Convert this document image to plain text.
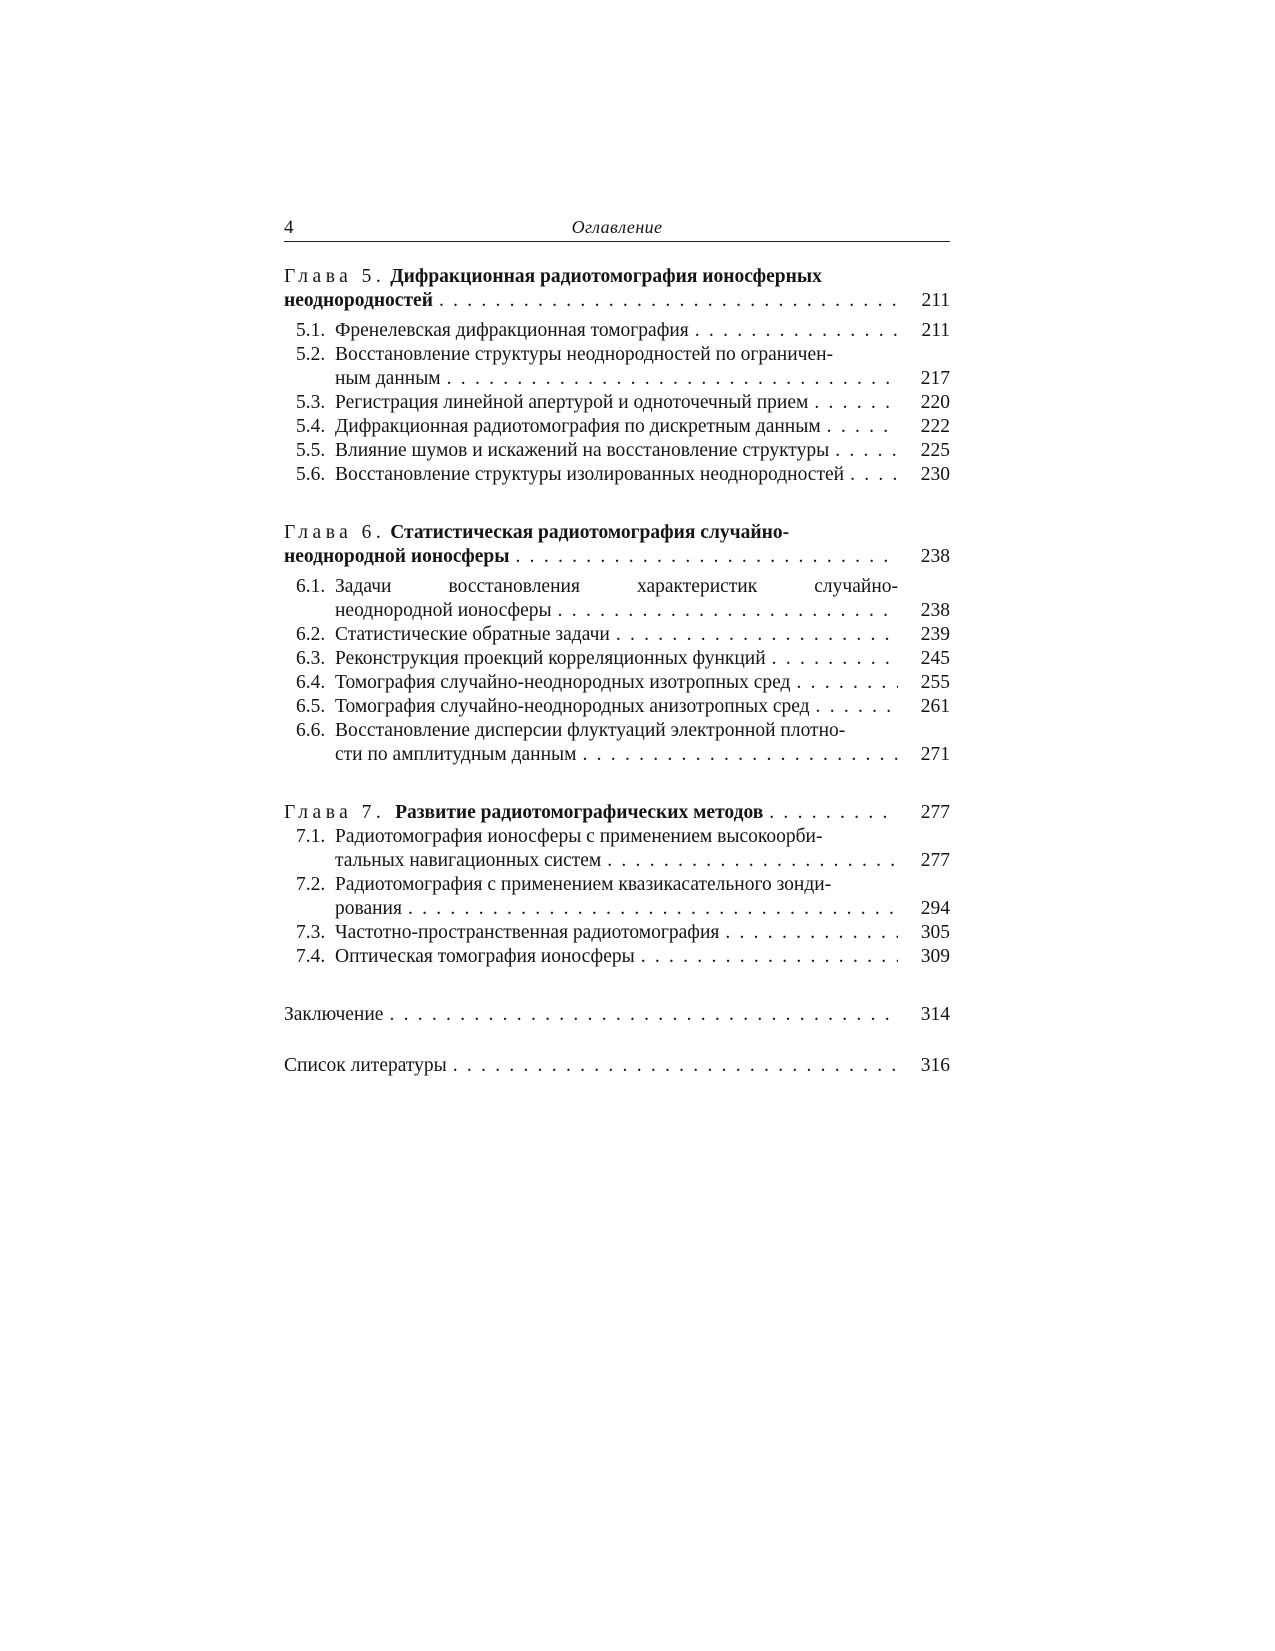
4	Оглавление
Глава 5. Дифракционная радиотомография ионосферных
неоднородностей . . .	211
5.1. Френелевская дифракционная томография . . .	211
5.2. Восстановление структуры неоднородностей по ограничен-
ным данным . . .	217
5.3. Регистрация линейной апертурой и одноточечный прием . . .	220
5.4. Дифракционная радиотомография по дискретным данным . . .	222
5.5. Влияние шумов и искажений на восстановление структуры . . .	225
5.6. Восстановление структуры изолированных неоднородностей . . .	230
Глава 6. Статистическая радиотомография случайно-
неоднородной ионосферы . . .	238
6.1. Задачи восстановления характеристик случайно-
неоднородной ионосферы . . .	238
6.2. Статистические обратные задачи . . .	239
6.3. Реконструкция проекций корреляционных функций . . .	245
6.4. Томография случайно-неоднородных изотропных сред . . .	255
6.5. Томография случайно-неоднородных анизотропных сред . . .	261
6.6. Восстановление дисперсии флуктуаций электронной плотно-
сти по амплитудным данным . . .	271
Глава 7. Развитие радиотомографических методов . . .	277
7.1. Радиотомография ионосферы с применением высокоорби-
тальных навигационных систем . . .	277
7.2. Радиотомография с применением квазикасательного зонди-
рования . . .	294
7.3. Частотно-пространственная радиотомография . . .	305
7.4. Оптическая томография ионосферы . . .	309
Заключение . . .	314
Список литературы . . .	316
